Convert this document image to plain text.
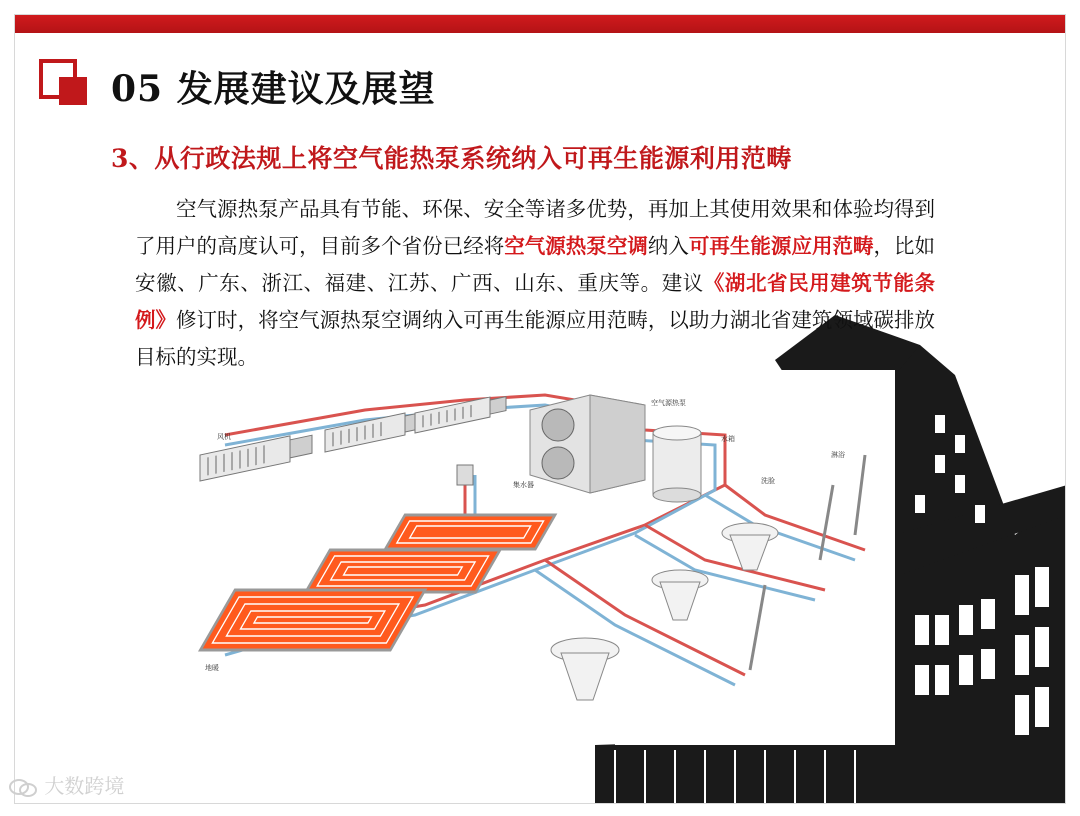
05 发展建议及展望
3、从行政法规上将空气能热泵系统纳入可再生能源利用范畴
　　空气源热泵产品具有节能、环保、安全等诸多优势，再加上其使用效果和体验均得到了用户的高度认可，目前多个省份已经将空气源热泵空调纳入可再生能源应用范畴，比如安徽、广东、浙江、福建、江苏、广西、山东、重庆等。建议《湖北省民用建筑节能条例》修订时，将空气源热泵空调纳入可再生能源应用范畴，以助力湖北省建筑领域碳排放目标的实现。
风机
空气源热泵
水箱
集水器
地暖
淋浴
洗脸
大数跨境
